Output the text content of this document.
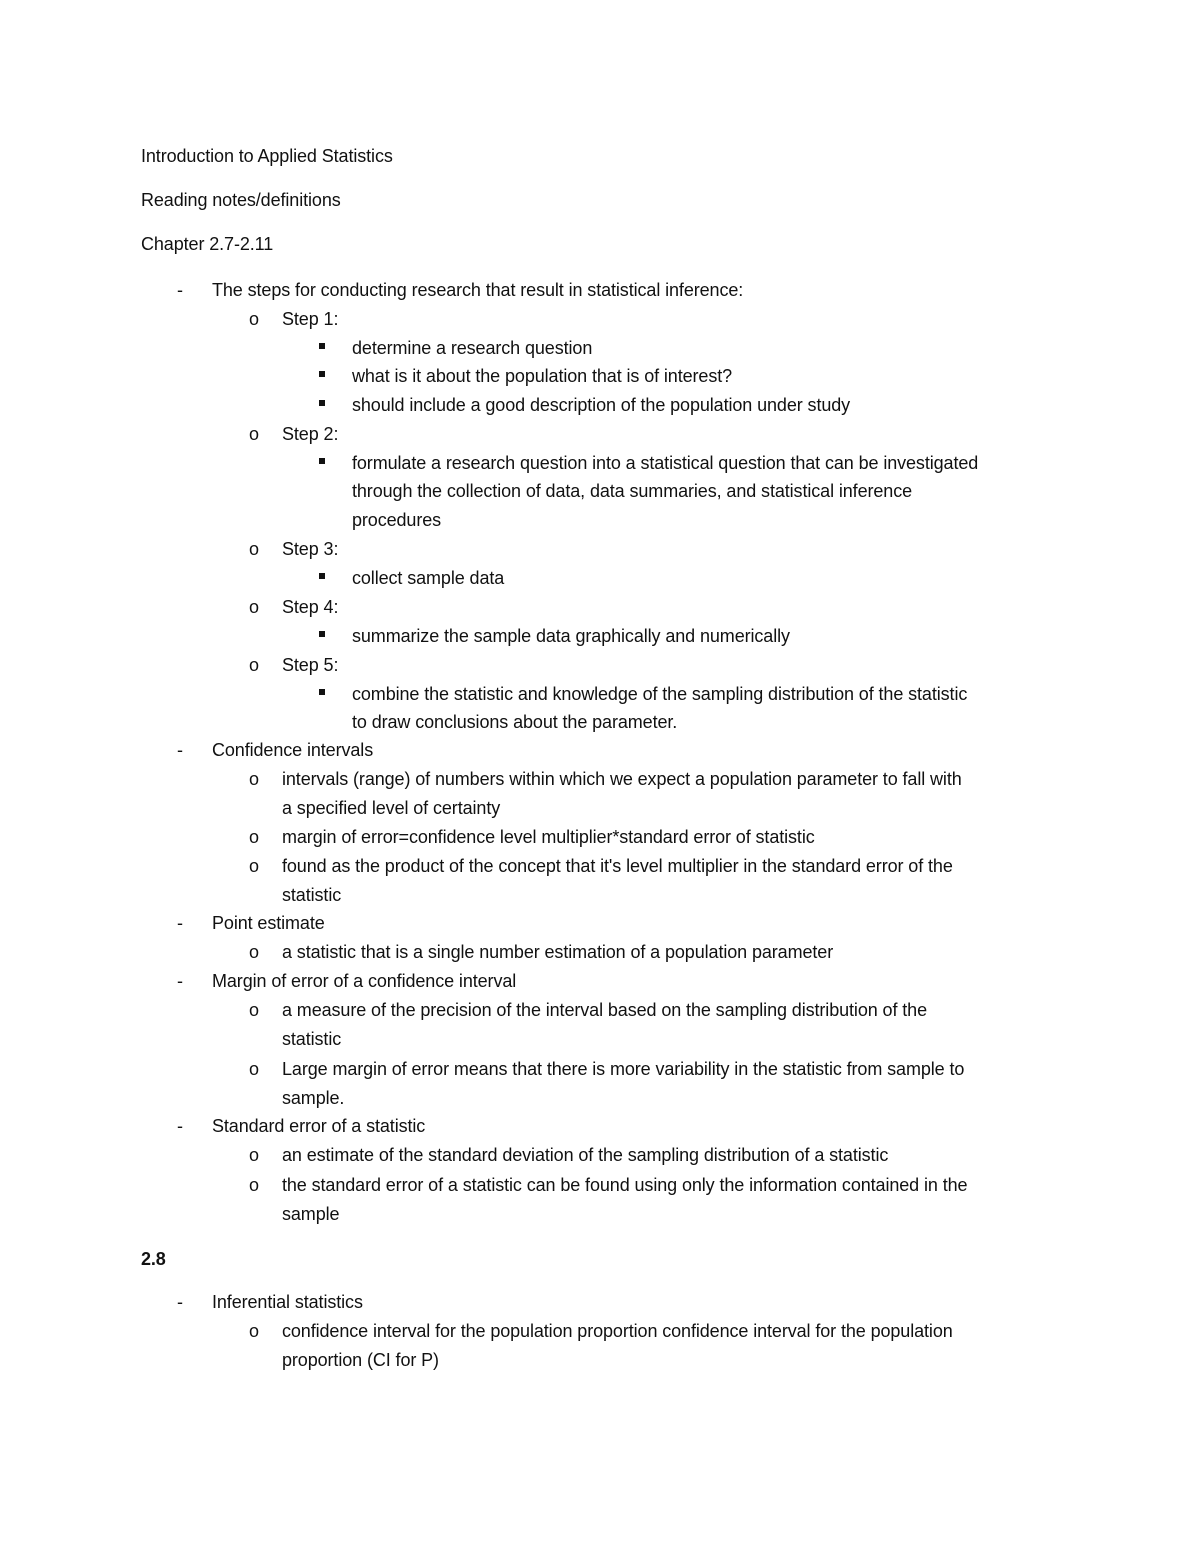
Introduction to Applied Statistics
Reading notes/definitions
Chapter 2.7-2.11
-	The steps for conducting research that result in statistical inference:
o Step 1:
determine a research question
what is it about the population that is of interest?
should include a good description of the population under study
o Step 2:
formulate a research question into a statistical question that can be investigated
through the collection of data, data summaries, and statistical inference
procedures
o Step 3:
collect sample data
o Step 4:
summarize the sample data graphically and numerically
o Step 5:
combine the statistic and knowledge of the sampling distribution of the statistic
to draw conclusions about the parameter.
-	Confidence intervals
o intervals (range) of numbers within which we expect a population parameter to fall with
a specified level of certainty
o margin of error=confidence level multiplier*standard error of statistic
o found as the product of the concept that it's level multiplier in the standard error of the
statistic
-	Point estimate
o a statistic that is a single number estimation of a population parameter
-	Margin of error of a confidence interval
o a measure of the precision of the interval based on the sampling distribution of the
statistic
o Large margin of error means that there is more variability in the statistic from sample to
sample.
-	Standard error of a statistic
o an estimate of the standard deviation of the sampling distribution of a statistic
o the standard error of a statistic can be found using only the information contained in the
sample
2.8
-	Inferential statistics
o confidence interval for the population proportion confidence interval for the population
proportion (CI for P)
